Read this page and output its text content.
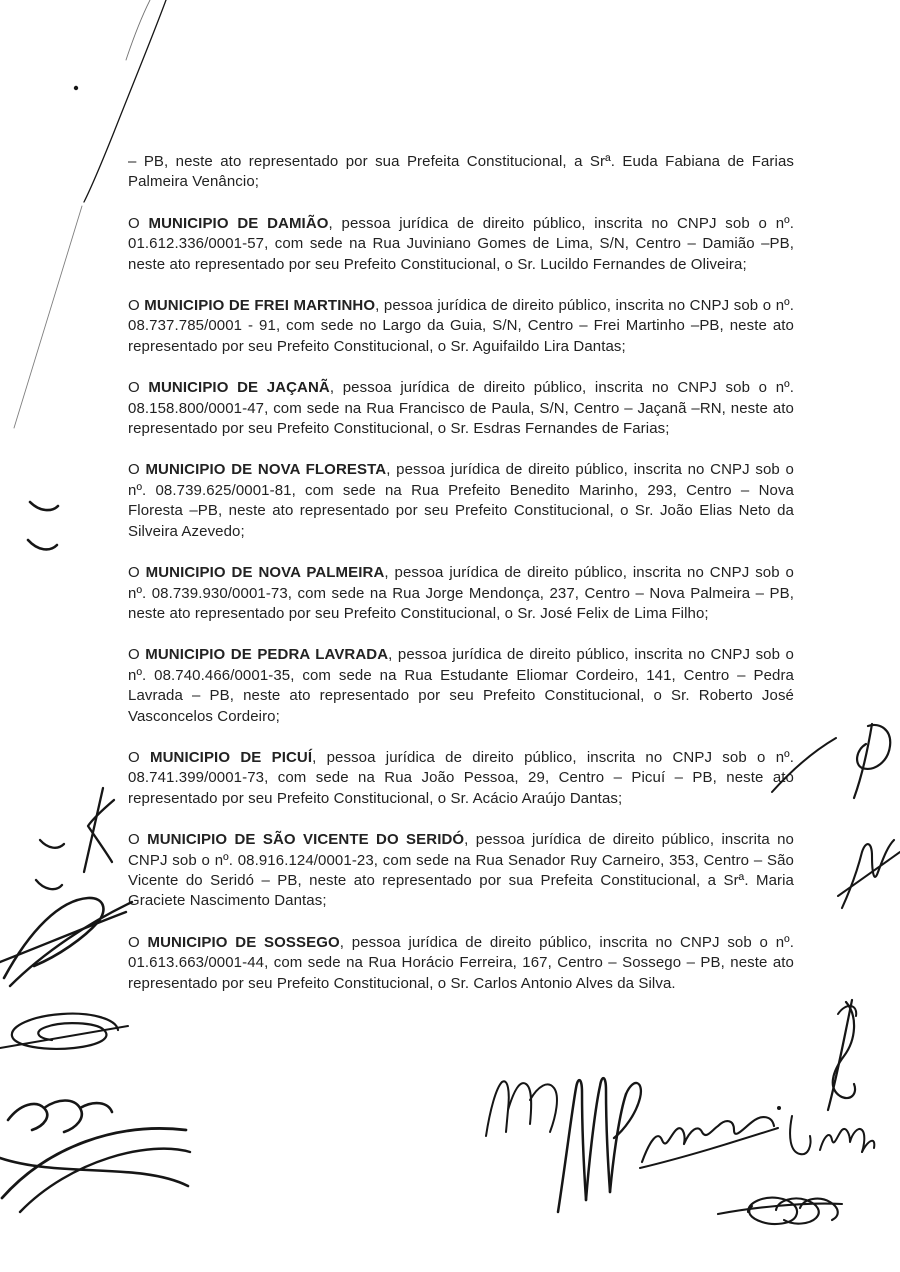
– PB, neste ato representado por sua Prefeita Constitucional, a Srª. Euda Fabiana de Farias Palmeira Venâncio;

O MUNICIPIO DE DAMIÃO, pessoa jurídica de direito público, inscrita no CNPJ sob o nº. 01.612.336/0001-57, com sede na Rua Juviniano Gomes de Lima, S/N, Centro – Damião –PB, neste ato representado por seu Prefeito Constitucional, o Sr. Lucildo Fernandes de Oliveira;

O MUNICIPIO DE FREI MARTINHO, pessoa jurídica de direito público, inscrita no CNPJ sob o nº. 08.737.785/0001 - 91, com sede no Largo da Guia, S/N, Centro – Frei Martinho –PB, neste ato representado por seu Prefeito Constitucional, o Sr. Aguifaildo Lira Dantas;

O MUNICIPIO DE JAÇANÃ, pessoa jurídica de direito público, inscrita no CNPJ sob o nº. 08.158.800/0001-47, com sede na Rua Francisco de Paula, S/N, Centro – Jaçanã –RN, neste ato representado por seu Prefeito Constitucional, o Sr. Esdras Fernandes de Farias;

O MUNICIPIO DE NOVA FLORESTA, pessoa jurídica de direito público, inscrita no CNPJ sob o nº. 08.739.625/0001-81, com sede na Rua Prefeito Benedito Marinho, 293, Centro – Nova Floresta –PB, neste ato representado por seu Prefeito Constitucional, o Sr. João Elias Neto da Silveira Azevedo;

O MUNICIPIO DE NOVA PALMEIRA, pessoa jurídica de direito público, inscrita no CNPJ sob o nº. 08.739.930/0001-73, com sede na Rua Jorge Mendonça, 237, Centro – Nova Palmeira – PB, neste ato representado por seu Prefeito Constitucional, o Sr. José Felix de Lima Filho;

O MUNICIPIO DE PEDRA LAVRADA, pessoa jurídica de direito público, inscrita no CNPJ sob o nº. 08.740.466/0001-35, com sede na Rua Estudante Eliomar Cordeiro, 141, Centro – Pedra Lavrada – PB, neste ato representado por seu Prefeito Constitucional, o Sr. Roberto José Vasconcelos Cordeiro;

O MUNICIPIO DE PICUÍ, pessoa jurídica de direito público, inscrita no CNPJ sob o nº. 08.741.399/0001-73, com sede na Rua João Pessoa, 29, Centro – Picuí – PB, neste ato representado por seu Prefeito Constitucional, o Sr. Acácio Araújo Dantas;

O MUNICIPIO DE SÃO VICENTE DO SERIDÓ, pessoa jurídica de direito público, inscrita no CNPJ sob o nº. 08.916.124/0001-23, com sede na Rua Senador Ruy Carneiro, 353, Centro – São Vicente do Seridó – PB, neste ato representado por sua Prefeita Constitucional, a Srª. Maria Graciete Nascimento Dantas;

O MUNICIPIO DE SOSSEGO, pessoa jurídica de direito público, inscrita no CNPJ sob o nº. 01.613.663/0001-44, com sede na Rua Horácio Ferreira, 167, Centro – Sossego – PB, neste ato representado por seu Prefeito Constitucional, o Sr. Carlos Antonio Alves da Silva.
